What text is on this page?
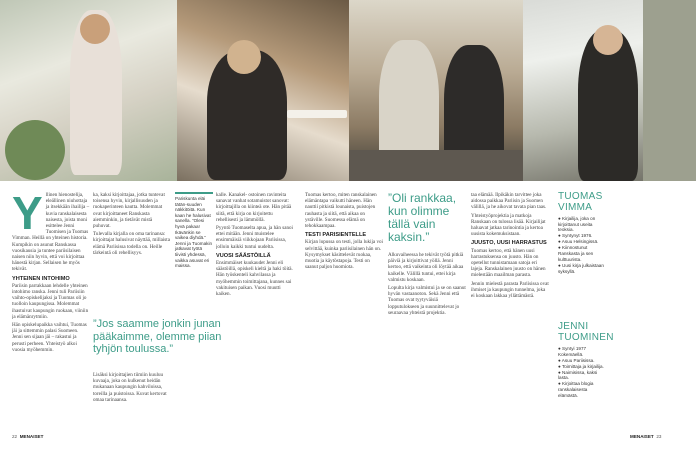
Yllinen hienostelija, eleällinen niuhottaja ja itsekkään ihailija – kuvia ranskalaisesta naisesta, joista moni esittelee Jenni Tuomisen ja Tuomas Vimman. Heillä on yhteinen historia. Kumpikin on asunut Ranskassa vuosikausia ja tuntee pariisilaisen naisen niin hyvin, että voi kirjoittaa hänestä kirjan. Sellaisen he myös tekivät.

YHTEINEN INTOHIMO

Pariisin parrakkaan lehdelle yhteinen intohimo ranska. Jenni tuli Pariisiin vaihto-opiskelijaksi ja Tuomas oli jo tuolloin kaupungissa. Molemmat ihastuivat kaupungin ruokaan, viiniin ja elämänrytmiin.

Hän opiskelupaikka vaihtui, Tuomas jäi ja sittemmin palasi Suomeen. Jenni sen sijaan jäi – rakastui ja perusti perheen. Yhteistyö alkoi vuosia myöhemmin.

ka, kaksi kirjoittajaa, jotka tuntevat toisensa hyvin, kirjallisuuden ja ruokaperinteen kautta. Molemmat ovat kirjoittaneet Ranskasta aiemminkin, ja tietävät mistä puhuvat.

Tulevalla kirjalla on oma tarinansa: kirjoittajat halusivat näyttää, millaista elämä Pariisissa todella on. Heille tärkeintä oli rehellisyys.

”Jos saamme jonkin junan pääkaimme, olemme piian tyhjön toulussa.”

Lisäksi kirjoittajien tiimiin kuuluu kuvaaja, joka on kulkenut heidän mukanaan kaupungin kahviloissa, toreilla ja puistoissa. Kuvat kertovat omaa tarinaansa.

Pariskunta eläi tätän-suuden näkkitöitä. Kun kaan he halusivat sanella. ”Olesi hyvä pakaa! Ikävänkin se vaikea diyhdä.” Jenni ja Tuomakin jatkavat työtä tiivisti yhdessä, vaikka asuvat eri maissa.

kalle. Kanakel- ostoinen ravinteita sanavat vanhat sotamuistot sanovat: kirjoittajilla on kiinteä ote. Hän pitää siitä, että kirja on kirjoitettu rehellisesti ja lämmöllä.

Pyyntö Tuomaselta apua, ja hän sanoi ettei mitään. Jenni muistelee ensimmäisiä viikkojaan Pariisissa, jolloin kaikki tuntui uudelta.

VUOSI SÄÄSTÖILLÄ

Ensimmäiset kuukaudet Jenni eli säästöillä, opiskeli kieltä ja haki töitä. Hän työskenteli kahvilassa ja myöhemmin toimittajana, kunnes sai vakituisen paikan. Vuosi muutti kaiken.

Tuomas kertoo, miten ranskalainen elämäntapa vaikutti häneen. Hän nauttii pitkistä lounaista, puistojen rauhasta ja siitä, että aikaa on ystäville. Suomessa elämä on tehokkaampaa.

TESTI PARISIENTELLE

Kirjan lopussa on testi, jolla lukija voi selvittää, kuinka pariisilainen hän on. Kysymykset käsittelevät ruokaa, muotia ja käytöstapoja. Testi on saanut paljon huomiota.

”Oli rankkaa, kun olimme tällä vain kaksin.”

Alkuvaiheessa he tekivät työtä pitkiä päiviä ja kirjoittivat yöllä. Jenni kertoo, että vaikeinta oli löytää aikaa kaikelle. Välillä tuntui, ettei kirja valmistu koskaan.

Lopulta kirja valmistui ja se on saanut hyvän vastaanoton. Sekä Jenni että Tuomas ovat tyytyväisiä lopputulokseen ja suunnittelevat jo seuraavaa yhteistä projektia.

taa elämää. Ilpikäkin tarvittee joka aidossa paikkaa Pariisin ja Suomen välillä, ja he aikovat tavata pian taas.

Yhteistyöprojektia ja matkoja Ranskaan on tulossa lisää. Kirjailijat haluavat jatkaa tarinointia ja kertoa uusista kokemuksistaan.

JUUSTO, UUSI HARRASTUS

Tuomas kertoo, että hänen uusi harrastuksensa on juusto. Hän on opetellut tunnistamaan satoja eri lajeja. Ranskalainen juusto on hänen mielestään maailman parasta.

Jennin mielestä parasta Pariisissa ovat ihmiset ja kaupungin tunnelma, joka ei koskaan lakkaa yllättämästä.

TUOMAS
VIMMA
● Kirjailija, joka on kirjoittanut useita teoksia.
● Syntynyt 1976.
● Asuu Helsingissä.
● Kiinnostunut Ranskasta ja sen kulttuurista.
● Uusi kirja julkaistaan syksyllä.
JENNI
TUOMINEN
● Syntyi 1977 Kokemäellä.
● Asuu Pariisissa.
● Toimittaja ja kirjailija.
● Naimisissa, kaksi lasta.
● Kirjoittaa blogia ranskalaisesta elämästä.
22 MENAISET	MENAISET 23
